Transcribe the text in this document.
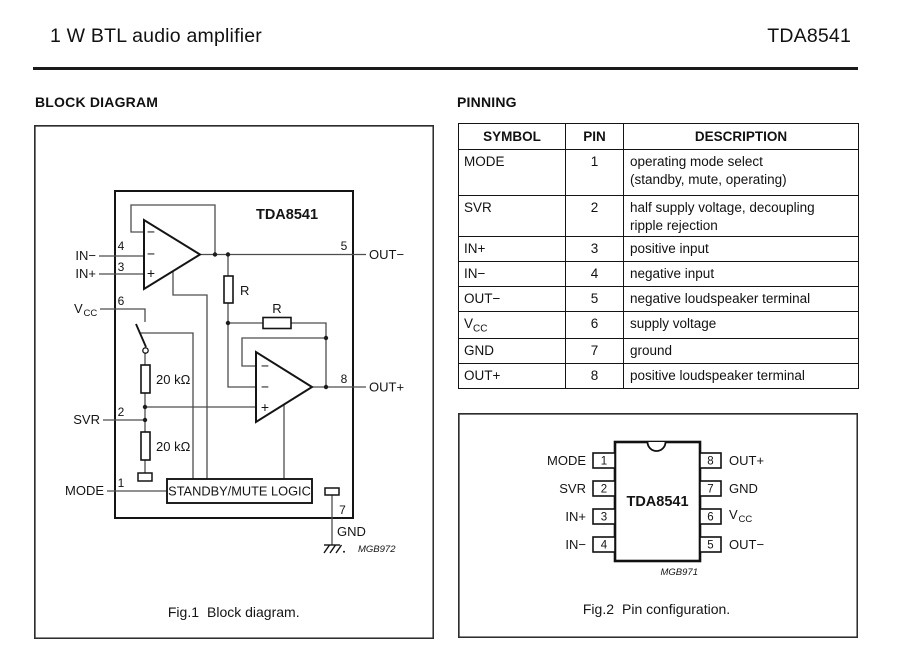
1 W BTL audio amplifier	TDA8541
BLOCK DIAGRAM	PINNING
TDA8541
−
−
+
−
−
+
STANDBY/MUTE LOGIC
IN−
IN+
V CC
SVR
MODE
OUT−
OUT+
GND
4
3
6
2
1
5
8
7
R
R
20 kΩ
20 kΩ
MGB972
Fig.1 Block diagram.
SYMBOL	PIN	DESCRIPTION
MODE	1	operating mode select
(standby, mute, operating)

SVR	2	half supply voltage, decoupling
ripple rejection

IN+	3	positive input
IN−	4	negative input
OUT−	5	negative loudspeaker terminal
$V_{CC}$	6	supply voltage
GND	7	ground
OUT+	8	positive loudspeaker terminal
TDA8541
1
2
3
4
8
7
6
5
MODE
SVR
IN+
IN−
OUT+
GND
V CC
OUT−
MGB971
Fig.2 Pin configuration.
